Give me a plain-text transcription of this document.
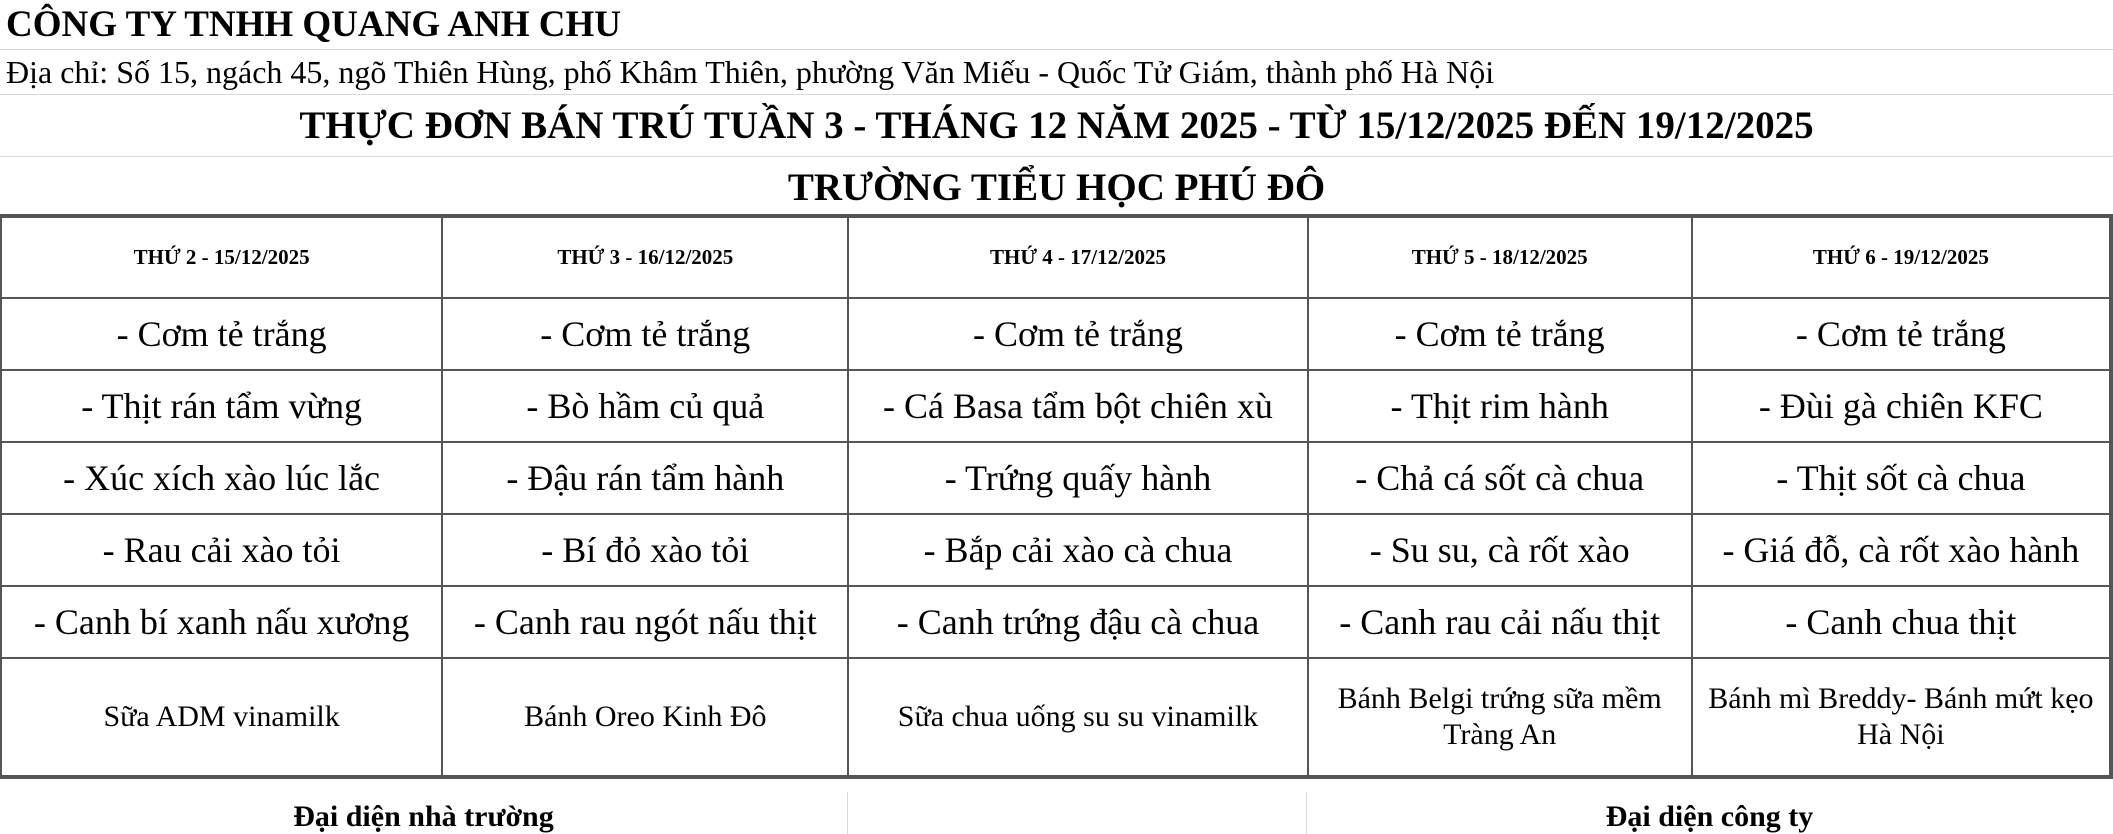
CÔNG TY TNHH QUANG ANH CHU
Địa chỉ: Số 15, ngách 45, ngõ Thiên Hùng, phố Khâm Thiên, phường Văn Miếu - Quốc Tử Giám, thành phố Hà Nội
THỰC ĐƠN BÁN TRÚ TUẦN 3 - THÁNG 12 NĂM 2025 - TỪ 15/12/2025 ĐẾN 19/12/2025
TRƯỜNG TIỂU HỌC PHÚ ĐÔ
THỨ 2 - 15/12/2025	THỨ 3 - 16/12/2025	THỨ 4 - 17/12/2025	THỨ 5 - 18/12/2025	THỨ 6 - 19/12/2025
- Cơm tẻ trắng	- Cơm tẻ trắng	- Cơm tẻ trắng	- Cơm tẻ trắng	- Cơm tẻ trắng
- Thịt rán tẩm vừng	- Bò hầm củ quả	- Cá Basa tẩm bột chiên xù	- Thịt rim hành	- Đùi gà chiên KFC
- Xúc xích xào lúc lắc	- Đậu rán tẩm hành	- Trứng quấy hành	- Chả cá sốt cà chua	- Thịt sốt cà chua
- Rau cải xào tỏi	- Bí đỏ xào tỏi	- Bắp cải xào cà chua	- Su su, cà rốt xào	- Giá đỗ, cà rốt xào hành
- Canh bí xanh nấu xương	- Canh rau ngót nấu thịt	- Canh trứng đậu cà chua	- Canh rau cải nấu thịt	- Canh chua thịt
Sữa ADM vinamilk	Bánh Oreo Kinh Đô	Sữa chua uống su su vinamilk	Bánh Belgi trứng sữa mềm Tràng An	Bánh mì Breddy- Bánh mứt kẹo Hà Nội
Đại diện nhà trường	Đại diện công ty
